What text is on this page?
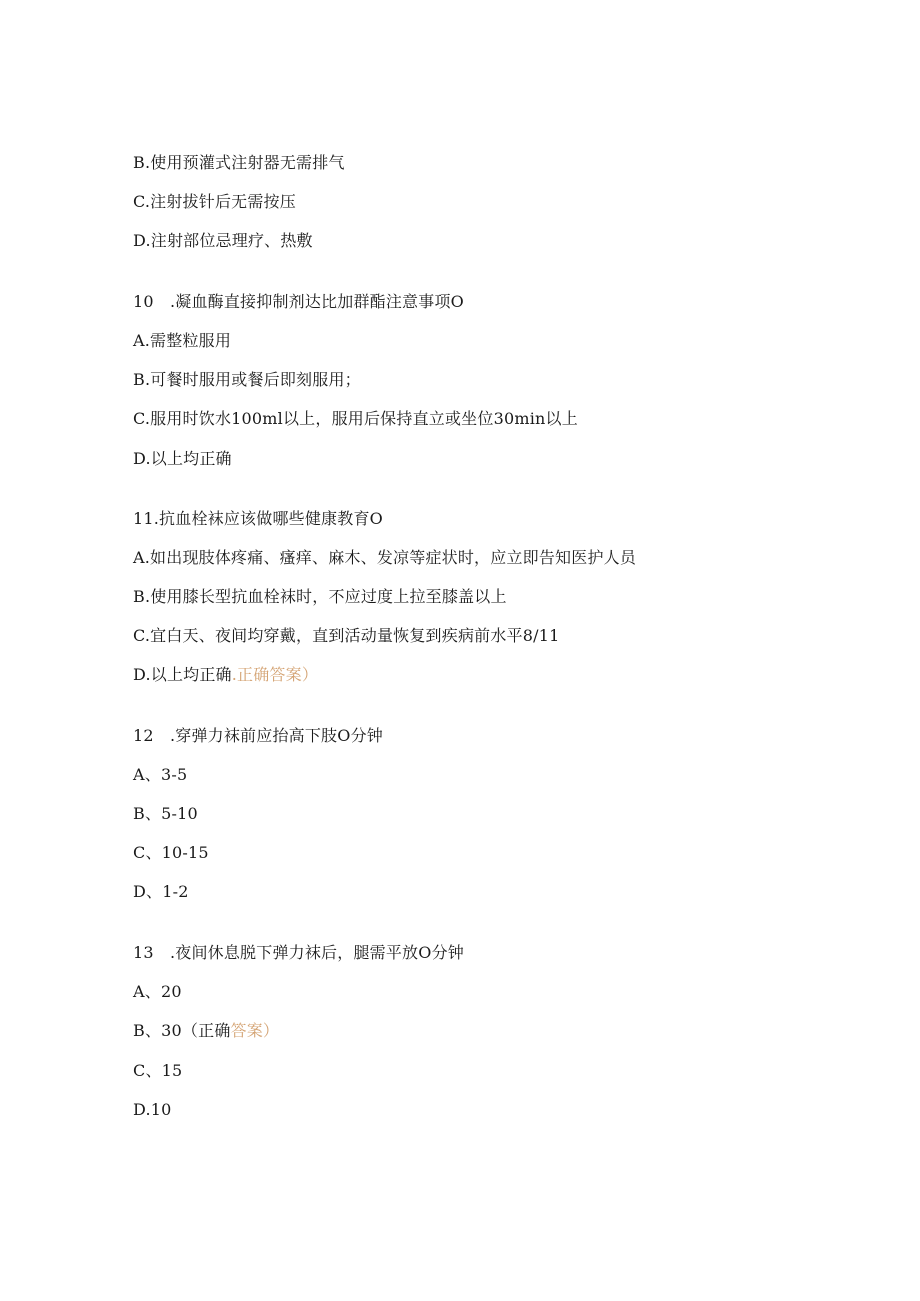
B.使用预灌式注射器无需排气
C.注射拔针后无需按压
D.注射部位忌理疗、热敷
10　.凝血酶直接抑制剂达比加群酯注意事项O
A.需整粒服用
B.可餐时服用或餐后即刻服用；
C.服用时饮水100ml以上，服用后保持直立或坐位30min以上
D.以上均正确
11.抗血栓袜应该做哪些健康教育O
A.如出现肢体疼痛、瘙痒、麻木、发凉等症状时，应立即告知医护人员
B.使用膝长型抗血栓袜时，不应过度上拉至膝盖以上
C.宜白天、夜间均穿戴，直到活动量恢复到疾病前水平8/11
D.以上均正确.正确答案）
12　.穿弹力袜前应抬高下肢O分钟
A、3-5
B、5-10
C、10-15
D、1-2
13　.夜间休息脱下弹力袜后，腿需平放O分钟
A、20
B、30（正确答案）
C、15
D.10
